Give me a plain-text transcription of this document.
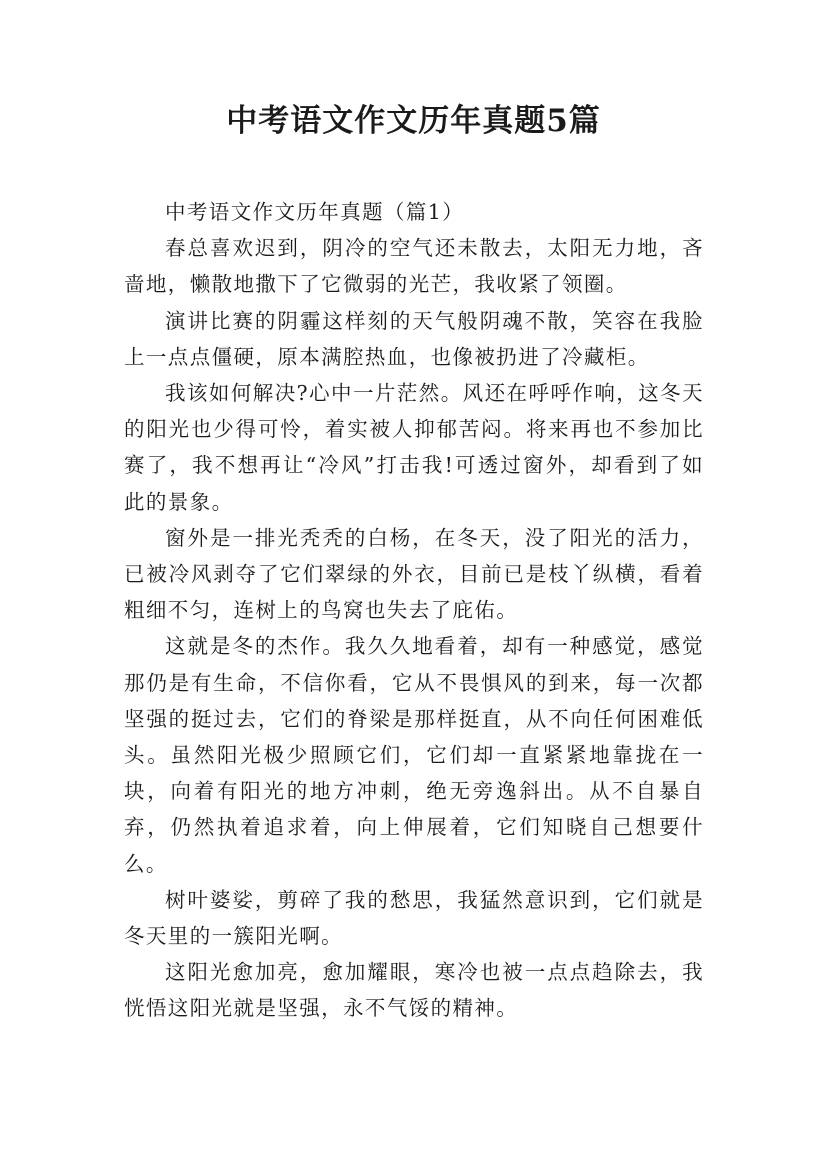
中考语文作文历年真题5篇

中考语文作文历年真题（篇1）

春总喜欢迟到，阴冷的空气还未散去，太阳无力地，吝啬地，懒散地撒下了它微弱的光芒，我收紧了领圈。

演讲比赛的阴霾这样刻的天气般阴魂不散，笑容在我脸上一点点僵硬，原本满腔热血，也像被扔进了冷藏柜。

我该如何解决?心中一片茫然。风还在呼呼作响，这冬天的阳光也少得可怜，着实被人抑郁苦闷。将来再也不参加比赛了，我不想再让“冷风”打击我!可透过窗外，却看到了如此的景象。

窗外是一排光秃秃的白杨，在冬天，没了阳光的活力，已被冷风剥夺了它们翠绿的外衣，目前已是枝丫纵横，看着粗细不匀，连树上的鸟窝也失去了庇佑。

这就是冬的杰作。我久久地看着，却有一种感觉，感觉那仍是有生命，不信你看，它从不畏惧风的到来，每一次都坚强的挺过去，它们的脊梁是那样挺直，从不向任何困难低头。虽然阳光极少照顾它们，它们却一直紧紧地靠拢在一块，向着有阳光的地方冲刺，绝无旁逸斜出。从不自暴自弃，仍然执着追求着，向上伸展着，它们知晓自己想要什么。

树叶婆娑，剪碎了我的愁思，我猛然意识到，它们就是冬天里的一簇阳光啊。

这阳光愈加亮，愈加耀眼，寒冷也被一点点趋除去，我恍悟这阳光就是坚强，永不气馁的精神。
